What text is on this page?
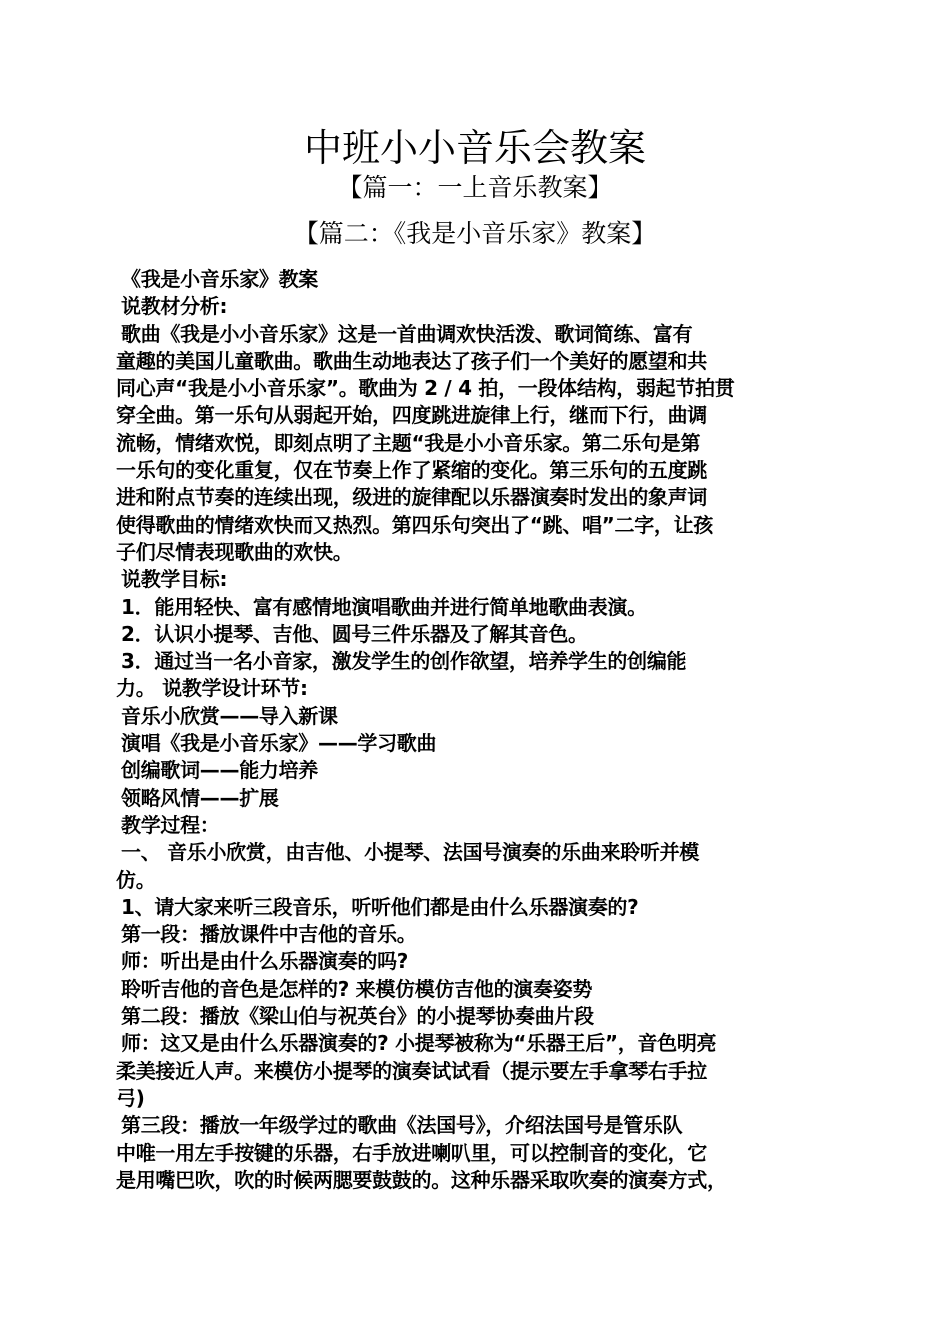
中班小小音乐会教案
【篇一：一上音乐教案】
【篇二：《我是小音乐家》教案】
《我是小音乐家》教案
说教材分析:
歌曲《我是小小音乐家》这是一首曲调欢快活泼、歌词简练、富有
童趣的美国儿童歌曲。歌曲生动地表达了孩子们一个美好的愿望和共
同心声“我是小小音乐家”。歌曲为 2 / 4 拍，一段体结构，弱起节拍贯
穿全曲。第一乐句从弱起开始，四度跳进旋律上行，继而下行，曲调
流畅，情绪欢悦，即刻点明了主题“我是小小音乐家。第二乐句是第
一乐句的变化重复，仅在节奏上作了紧缩的变化。第三乐句的五度跳
进和附点节奏的连续出现，级进的旋律配以乐器演奏时发出的象声词
使得歌曲的情绪欢快而又热烈。第四乐句突出了“跳、唱”二字，让孩
子们尽情表现歌曲的欢快。
说教学目标:
1．能用轻快、富有感情地演唱歌曲并进行简单地歌曲表演。
2．认识小提琴、吉他、圆号三件乐器及了解其音色。
3．通过当一名小音家，激发学生的创作欲望，培养学生的创编能
力。 说教学设计环节:
音乐小欣赏——导入新课
演唱《我是小音乐家》——学习歌曲
创编歌词——能力培养
领略风情——扩展
教学过程：
一、 音乐小欣赏，由吉他、小提琴、法国号演奏的乐曲来聆听并模
仿。
1、请大家来听三段音乐，听听他们都是由什么乐器演奏的?
第一段：播放课件中吉他的音乐。
师：听出是由什么乐器演奏的吗?
聆听吉他的音色是怎样的? 来模仿模仿吉他的演奏姿势
第二段：播放《梁山伯与祝英台》的小提琴协奏曲片段
师：这又是由什么乐器演奏的? 小提琴被称为“乐器王后”，音色明亮
柔美接近人声。来模仿小提琴的演奏试试看（提示要左手拿琴右手拉
弓)
第三段：播放一年级学过的歌曲《法国号》，介绍法国号是管乐队
中唯一用左手按键的乐器，右手放进喇叭里，可以控制音的变化，它
是用嘴巴吹，吹的时候两腮要鼓鼓的。这种乐器采取吹奏的演奏方式，
